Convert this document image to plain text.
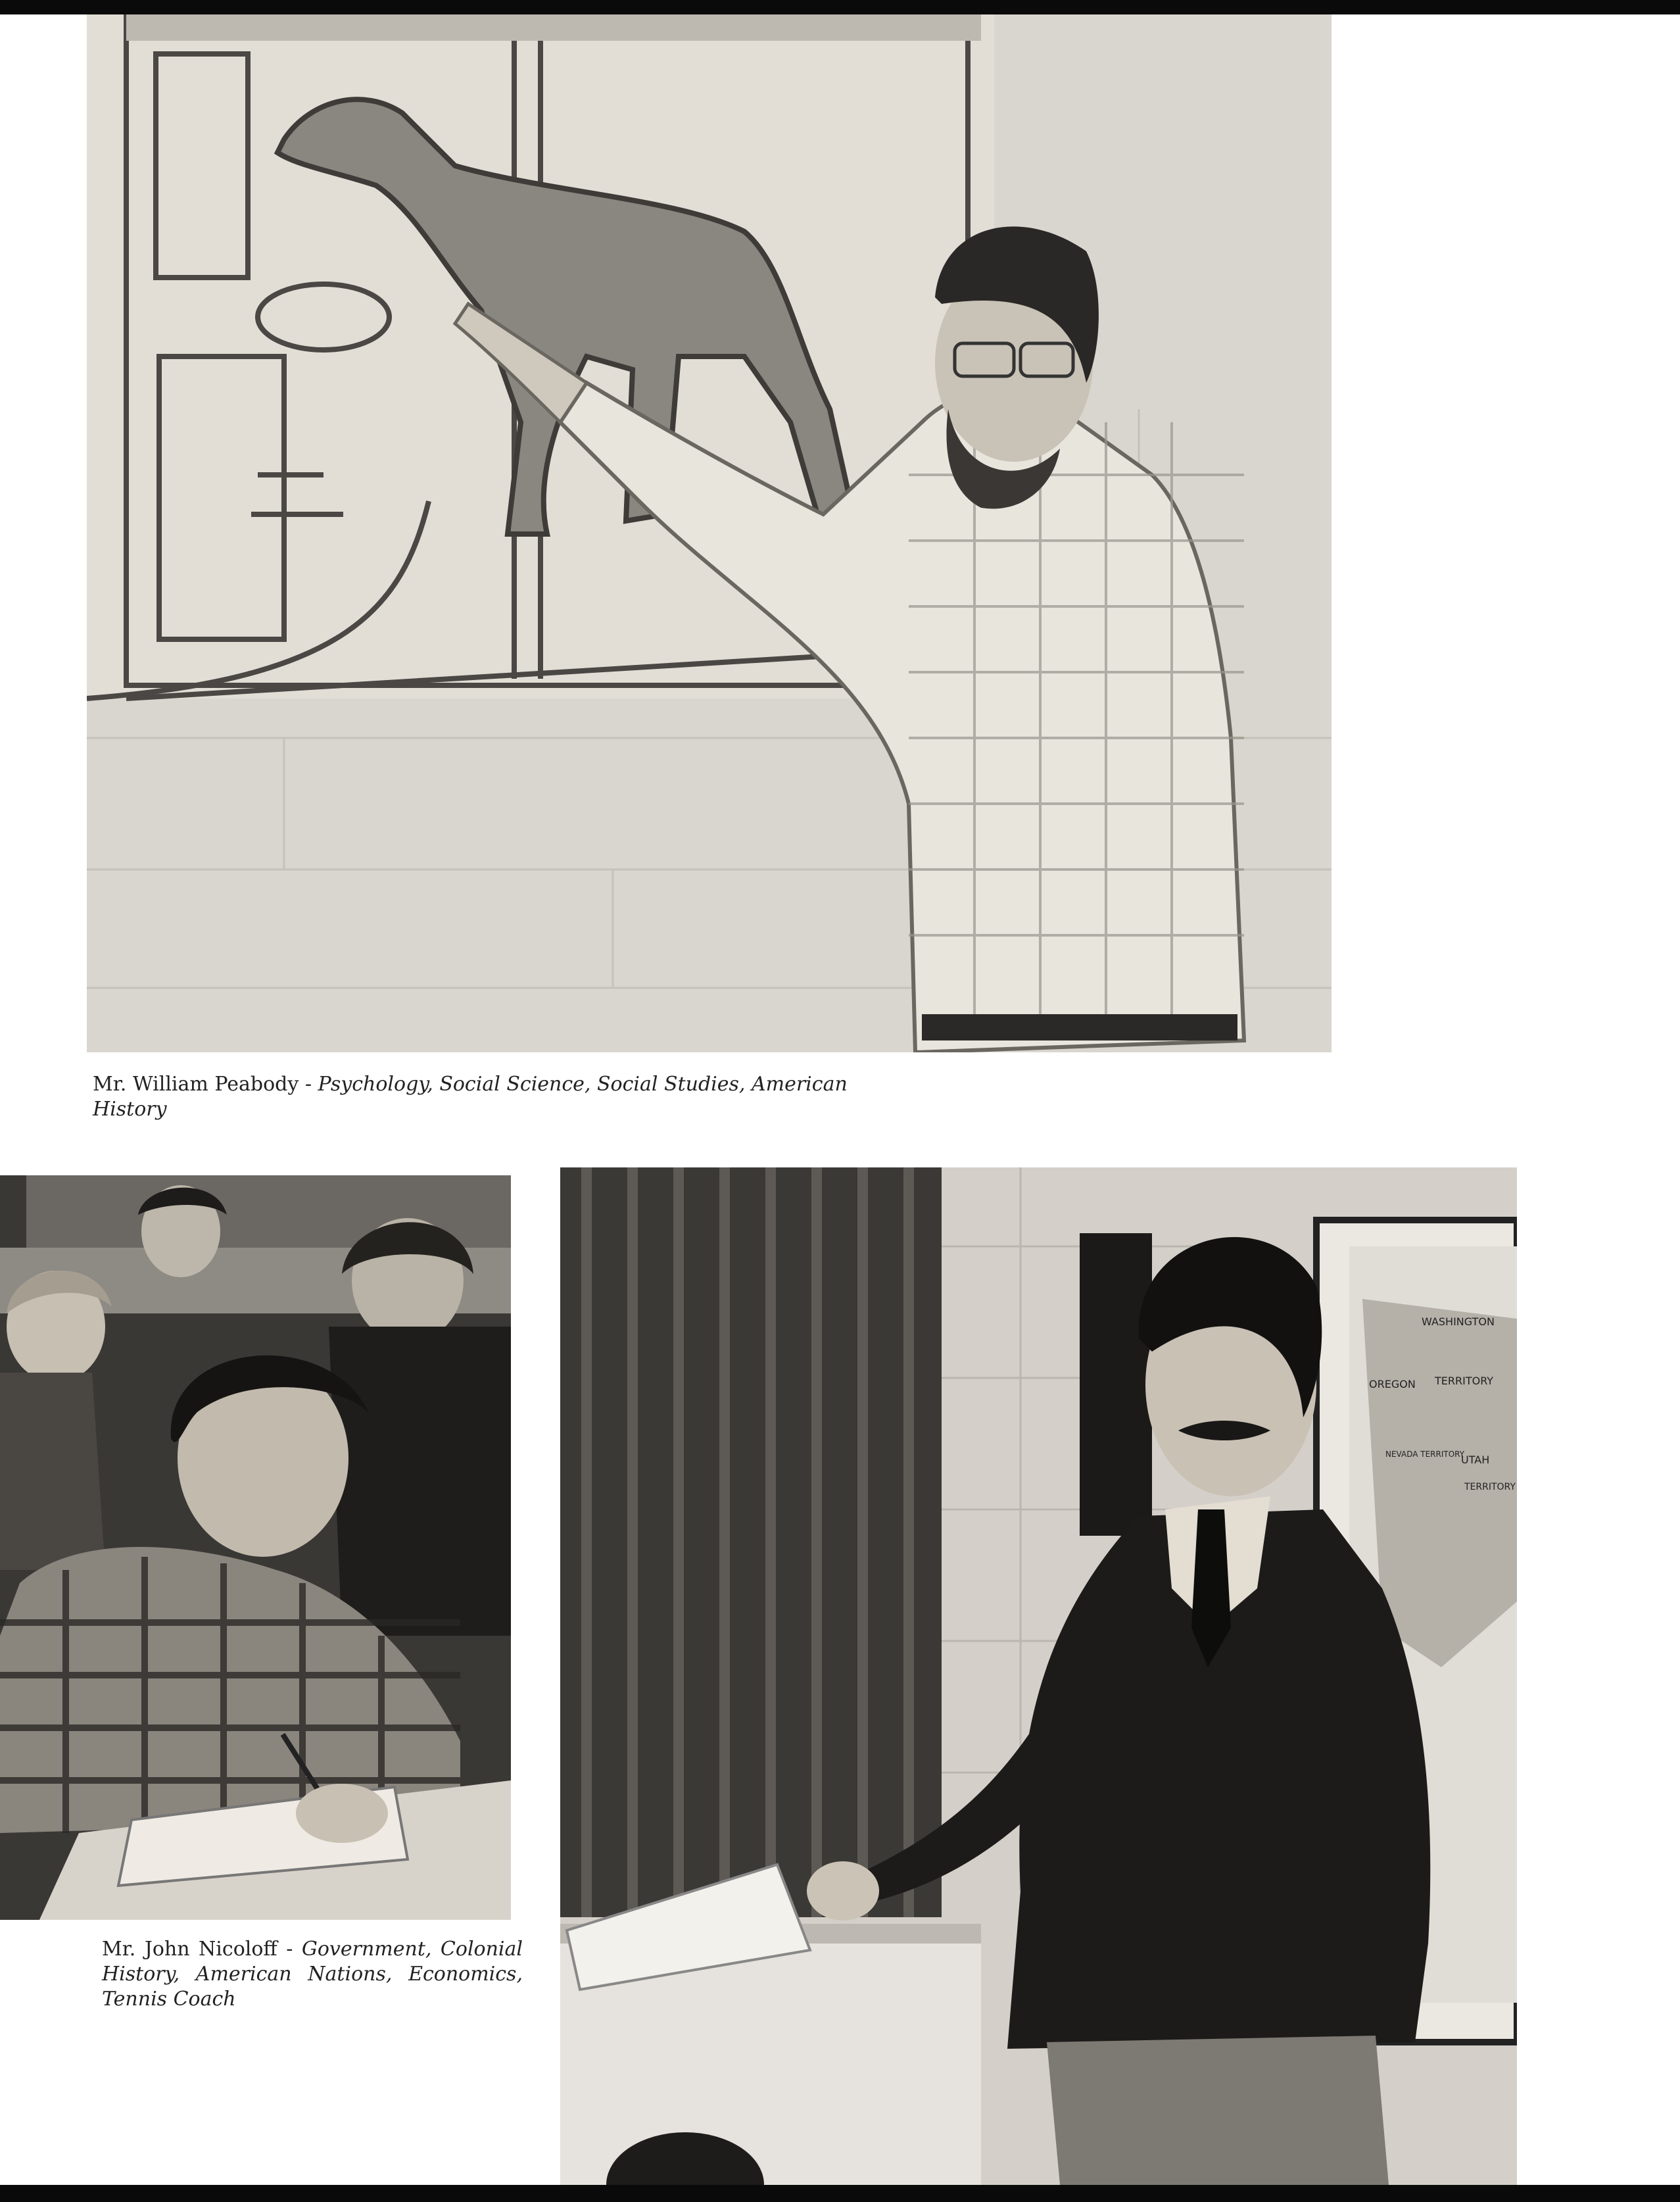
Mr. William Peabody - Psychology, Social Science, Social Studies, American History
Mr. John Nicoloff - Government, Colonial History, American Nations, Economics, Tennis Coach
WASHINGTON
TERRITORY
OREGON
NEVADA TERRITORY
UTAH
TERRITORY
